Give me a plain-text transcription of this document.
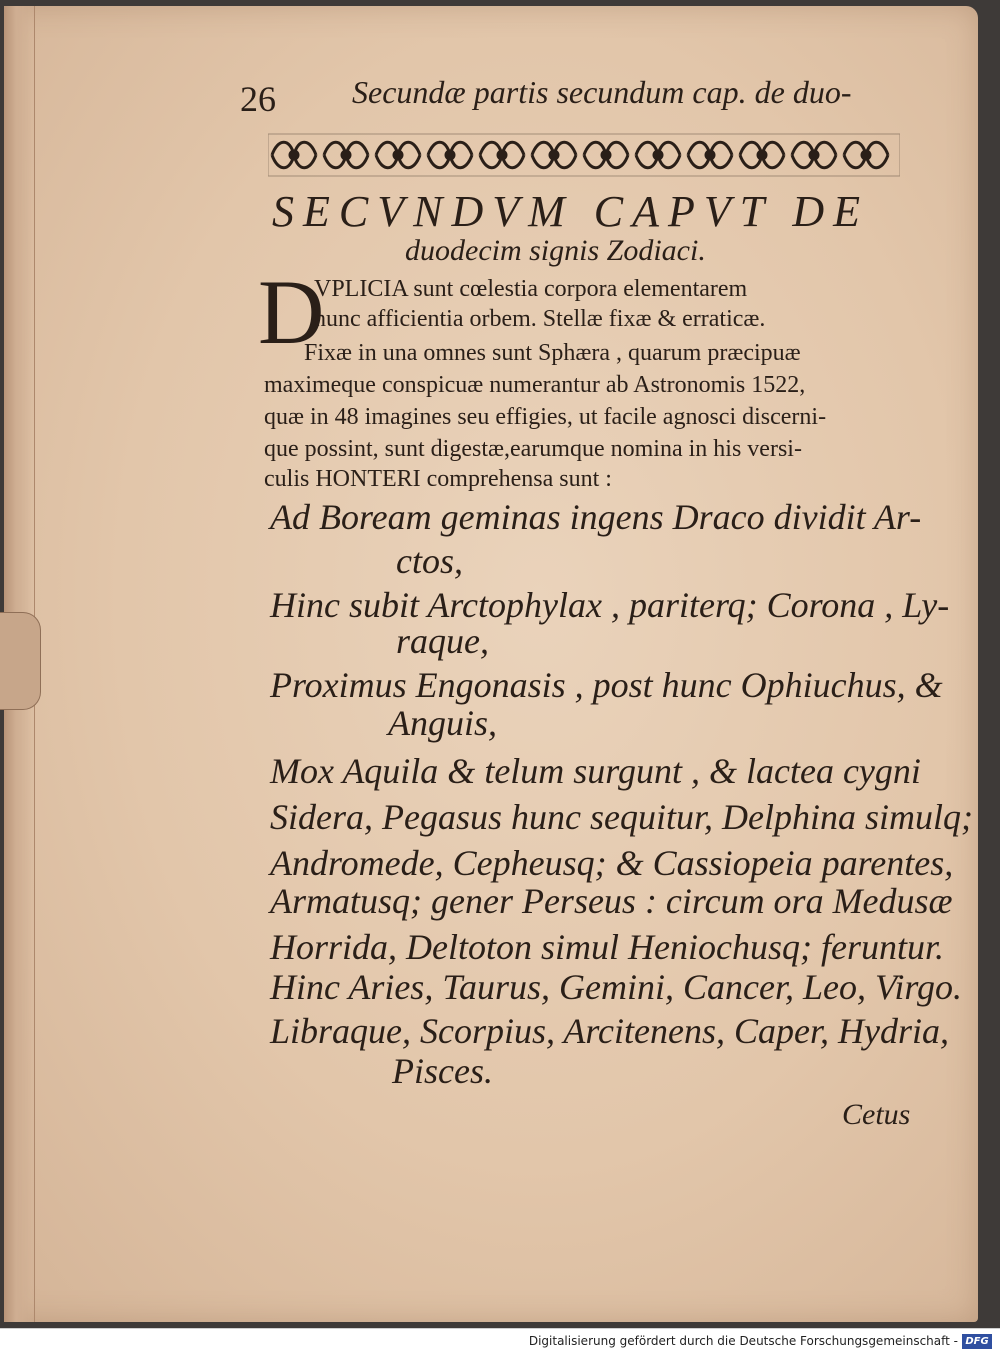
26 Secundæ partis secundum cap. de duo-
SECVNDVM CAPVT DE
duodecim signis Zodiaci.
D
VPLICIA sunt cœlestia corpora elementarem
hunc afficientia orbem. Stellæ fixæ & erraticæ.
Fixæ in una omnes sunt Sphæra , quarum præcipuæ
maximeque conspicuæ numerantur ab Astronomis 1522,
quæ in 48 imagines seu effigies, ut facile agnosci discerni-
que possint, sunt digestæ,earumque nomina in his versi-
culis HONTERI comprehensa sunt :
Ad Boream geminas ingens Draco dividit Ar-
ctos,
Hinc subit Arctophylax , pariterq; Corona , Ly-
raque,
Proximus Engonasis , post hunc Ophiuchus, &
Anguis,
Mox Aquila & telum surgunt , & lactea cygni
Sidera, Pegasus hunc sequitur, Delphina simulq;
Andromede, Cepheusq; & Cassiopeia parentes,
Armatusq; gener Perseus : circum ora Medusæ
Horrida, Deltoton simul Heniochusq; feruntur.
Hinc Aries, Taurus, Gemini, Cancer, Leo, Virgo.
Libraque, Scorpius, Arcitenens, Caper, Hydria,
Pisces.
Cetus
Digitalisierung gefördert durch die Deutsche Forschungsgemeinschaft - DFG
